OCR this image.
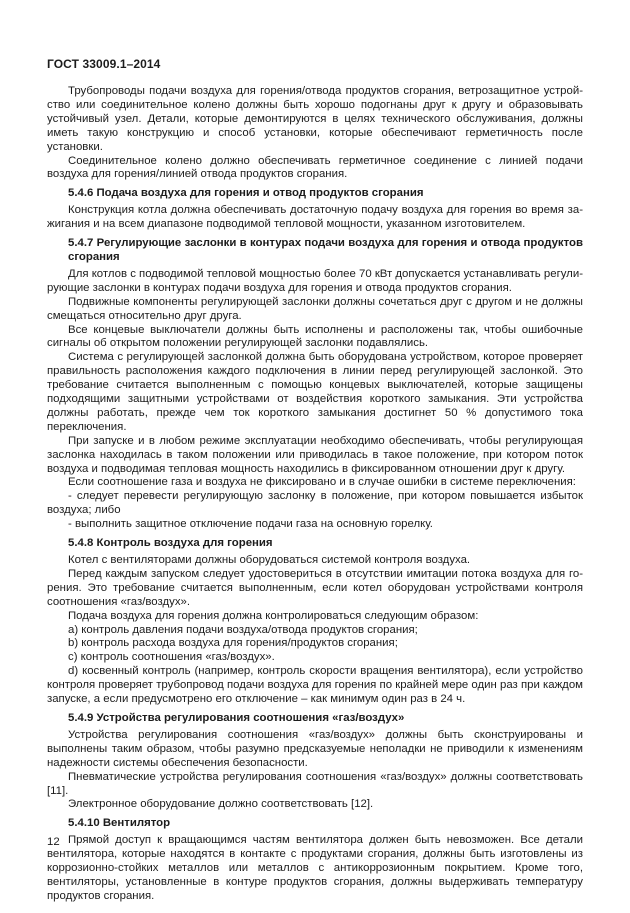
ГОСТ 33009.1–2014

Трубопроводы подачи воздуха для горения/отвода продуктов сгорания, ветрозащитное устройство или соединительное колено должны быть хорошо подогнаны друг к другу и образовывать устойчивый узел. Детали, которые демонтируются в целях технического обслуживания, должны иметь такую конструкцию и способ установки, которые обеспечивают герметичность после установки.

Соединительное колено должно обеспечивать герметичное соединение с линией подачи воздуха для горения/линией отвода продуктов сгорания.

5.4.6 Подача воздуха для горения и отвод продуктов сгорания

Конструкция котла должна обеспечивать достаточную подачу воздуха для горения во время зажигания и на всем диапазоне подводимой тепловой мощности, указанном изготовителем.

5.4.7 Регулирующие заслонки в контурах подачи воздуха для горения и отвода продуктов сгорания

Для котлов с подводимой тепловой мощностью более 70 кВт допускается устанавливать регулирующие заслонки в контурах подачи воздуха для горения и отвода продуктов сгорания.

Подвижные компоненты регулирующей заслонки должны сочетаться друг с другом и не должны смещаться относительно друг друга.

Все концевые выключатели должны быть исполнены и расположены так, чтобы ошибочные сигналы об открытом положении регулирующей заслонки подавлялись.

Система с регулирующей заслонкой должна быть оборудована устройством, которое проверяет правильность расположения каждого подключения в линии перед регулирующей заслонкой. Это требование считается выполненным с помощью концевых выключателей, которые защищены подходящими защитными устройствами от воздействия короткого замыкания. Эти устройства должны работать, прежде чем ток короткого замыкания достигнет 50 % допустимого тока переключения.

При запуске и в любом режиме эксплуатации необходимо обеспечивать, чтобы регулирующая заслонка находилась в таком положении или приводилась в такое положение, при котором поток воздуха и подводимая тепловая мощность находились в фиксированном отношении друг к другу.

Если соотношение газа и воздуха не фиксировано и в случае ошибки в системе переключения:

- следует перевести регулирующую заслонку в положение, при котором повышается избыток воздуха; либо

- выполнить защитное отключение подачи газа на основную горелку.

5.4.8 Контроль воздуха для горения

Котел с вентиляторами должны оборудоваться системой контроля воздуха.

Перед каждым запуском следует удостовериться в отсутствии имитации потока воздуха для горения. Это требование считается выполненным, если котел оборудован устройствами контроля соотношения «газ/воздух».

Подача воздуха для горения должна контролироваться следующим образом:

a) контроль давления подачи воздуха/отвода продуктов сгорания;

b) контроль расхода воздуха для горения/продуктов сгорания;

c) контроль соотношения «газ/воздух».

d) косвенный контроль (например, контроль скорости вращения вентилятора), если устройство контроля проверяет трубопровод подачи воздуха для горения по крайней мере один раз при каждом запуске, а если предусмотрено его отключение – как минимум один раз в 24 ч.

5.4.9 Устройства регулирования соотношения «газ/воздух»

Устройства регулирования соотношения «газ/воздух» должны быть сконструированы и выполнены таким образом, чтобы разумно предсказуемые неполадки не приводили к изменениям надежности системы обеспечения безопасности.

Пневматические устройства регулирования соотношения «газ/воздух» должны соответствовать [11].

Электронное оборудование должно соответствовать [12].

5.4.10 Вентилятор

Прямой доступ к вращающимся частям вентилятора должен быть невозможен. Все детали вентилятора, которые находятся в контакте с продуктами сгорания, должны быть изготовлены из коррозионно-стойких металлов или металлов с антикоррозионным покрытием. Кроме того, вентиляторы, установленные в контуре продуктов сгорания, должны выдерживать температуру продуктов сгорания.

12
